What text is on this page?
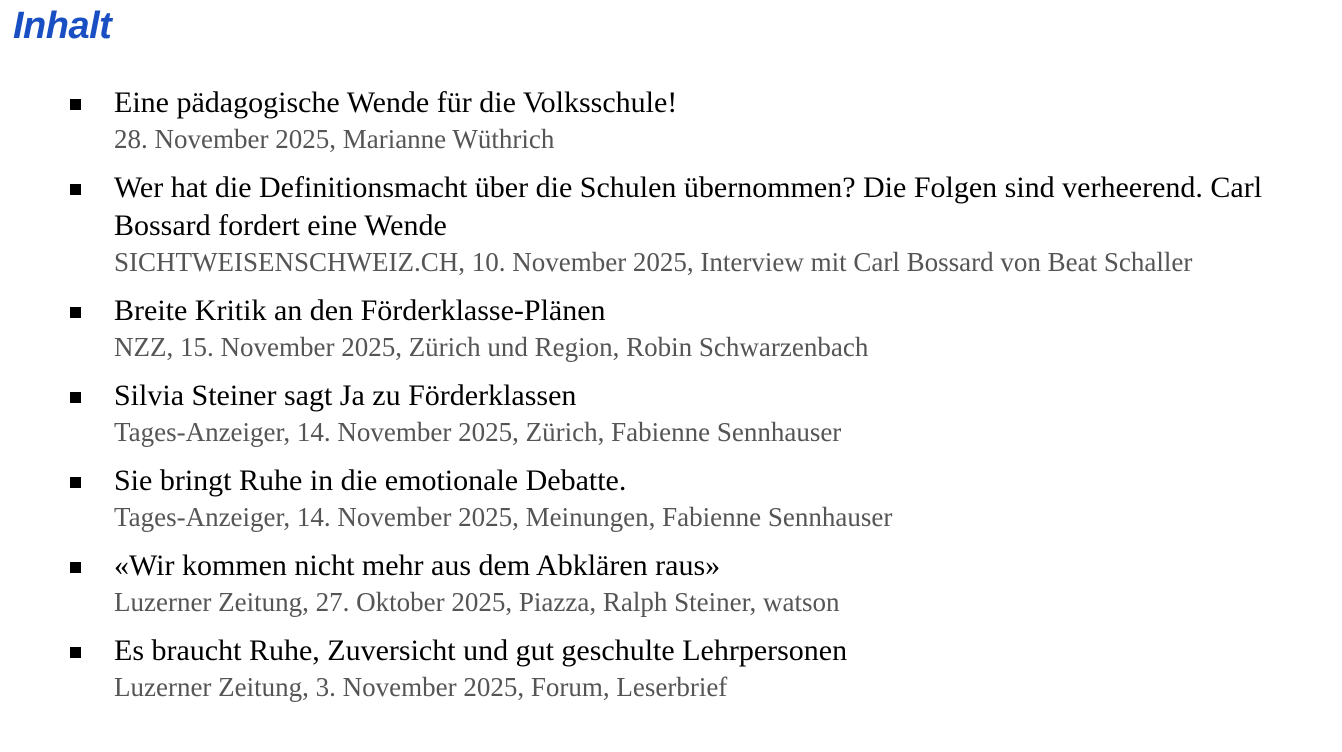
Inhalt
Eine pädagogische Wende für die Volksschule!
28. November 2025, Marianne Wüthrich
Wer hat die Definitionsmacht über die Schulen übernommen? Die Folgen sind verheerend. Carl Bossard fordert eine Wende
SICHTWEISENSCHWEIZ.CH, 10. November 2025, Interview mit Carl Bossard von Beat Schaller
Breite Kritik an den Förderklasse-Plänen
NZZ, 15. November 2025, Zürich und Region, Robin Schwarzenbach
Silvia Steiner sagt Ja zu Förderklassen
Tages-Anzeiger, 14. November 2025, Zürich, Fabienne Sennhauser
Sie bringt Ruhe in die emotionale Debatte.
Tages-Anzeiger, 14. November 2025, Meinungen, Fabienne Sennhauser
«Wir kommen nicht mehr aus dem Abklären raus»
Luzerner Zeitung, 27. Oktober 2025, Piazza, Ralph Steiner, watson
Es braucht Ruhe, Zuversicht und gut geschulte Lehrpersonen
Luzerner Zeitung, 3. November 2025, Forum, Leserbrief
